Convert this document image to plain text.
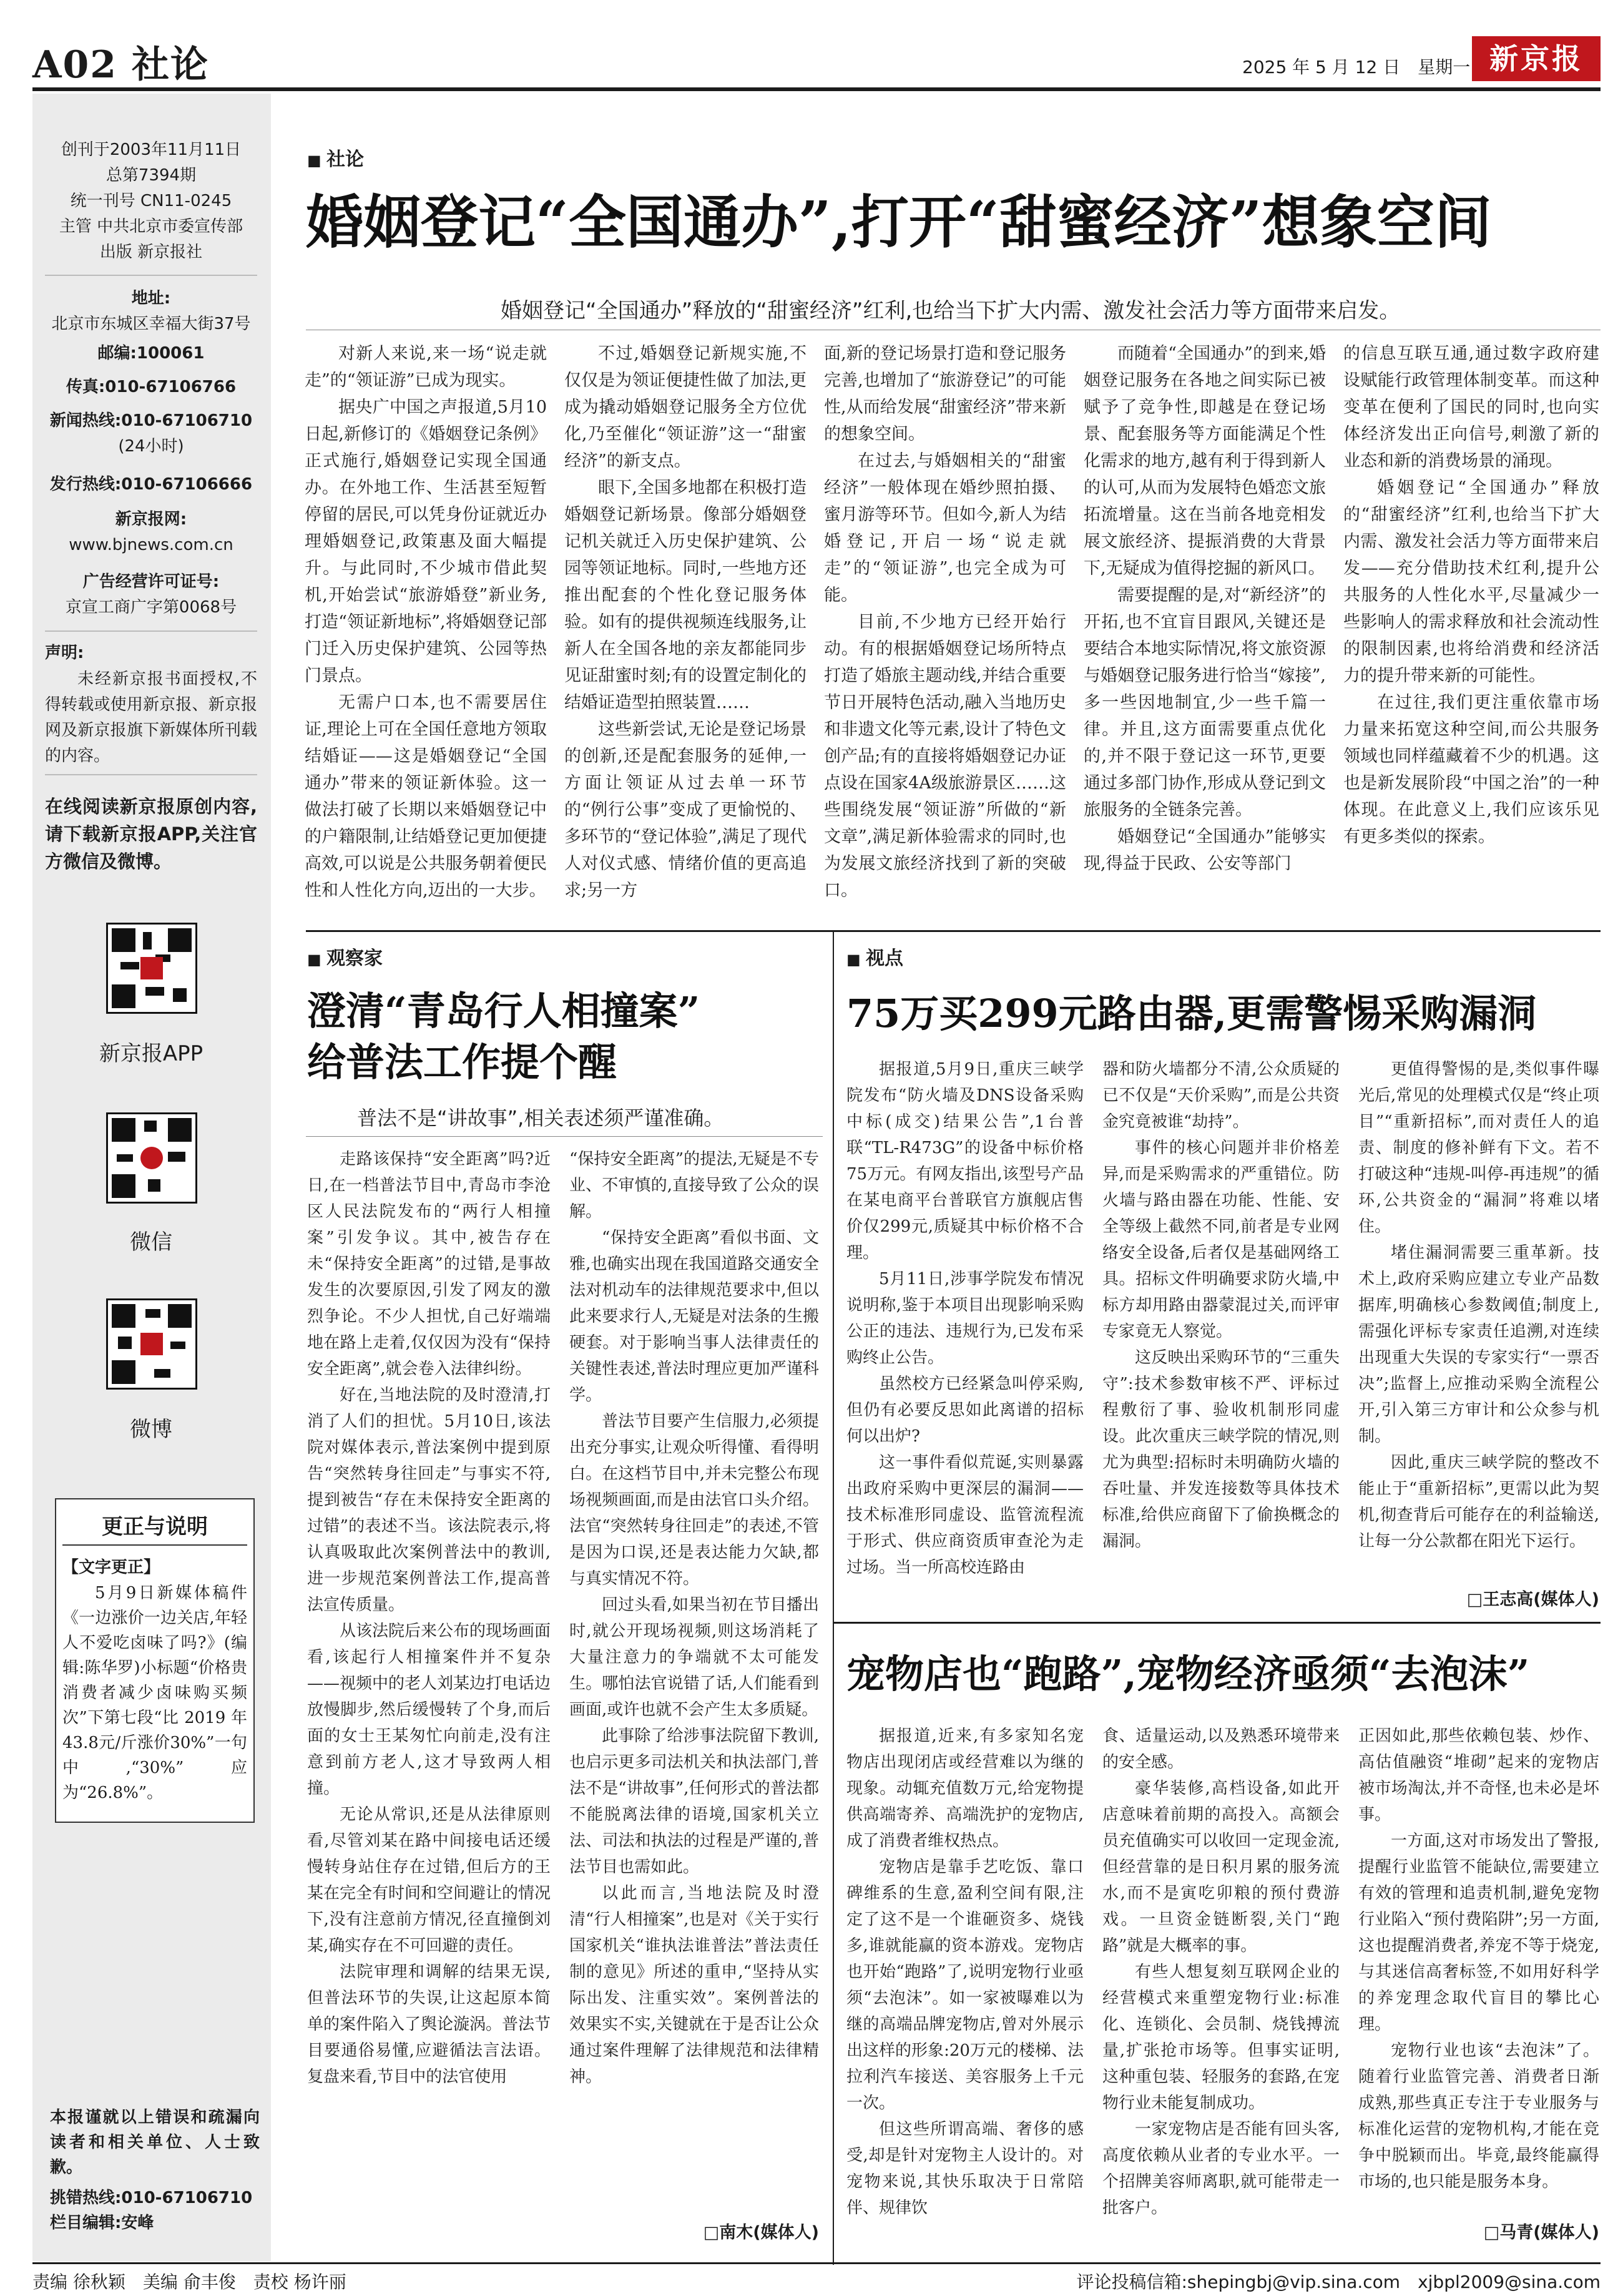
A02 社论	2025 年 5 月 12 日　星期一 新京报
创刊于2003年11月11日
总第7394期
统一刊号 CN11-0245
主管 中共北京市委宣传部
出版 新京报社
地址:
北京市东城区幸福大街37号
邮编:100061
传真:010-67106766
新闻热线:010-67106710
(24小时)
发行热线:010-67106666
新京报网:
www.bjnews.com.cn
广告经营许可证号:
京宣工商广字第0068号
声明:
未经新京报书面授权,不得转载或使用新京报、新京报网及新京报旗下新媒体所刊载的内容。
在线阅读新京报原创内容,请下载新京报APP,关注官方微信及微博。
新京报APP
微信
微博
更正与说明
【文字更正】
5月9日新媒体稿件《一边涨价一边关店,年轻人不爱吃卤味了吗?》(编辑:陈华罗)小标题“价格贵 消费者减少卤味购买频次”下第七段“比 2019 年43.8元/斤涨价30%”一句中,“30%”应为“26.8%”。
本报谨就以上错误和疏漏向读者和相关单位、人士致歉。
挑错热线:010-67106710
栏目编辑:安峰
■ 社论
婚姻登记“全国通办”,打开“甜蜜经济”想象空间
婚姻登记“全国通办”释放的“甜蜜经济”红利,也给当下扩大内需、激发社会活力等方面带来启发。

对新人来说,来一场“说走就走”的“领证游”已成为现实。

据央广中国之声报道,5月10日起,新修订的《婚姻登记条例》正式施行,婚姻登记实现全国通办。在外地工作、生活甚至短暂停留的居民,可以凭身份证就近办理婚姻登记,政策惠及面大幅提升。与此同时,不少城市借此契机,开始尝试“旅游婚登”新业务,打造“领证新地标”,将婚姻登记部门迁入历史保护建筑、公园等热门景点。

无需户口本,也不需要居住证,理论上可在全国任意地方领取结婚证——这是婚姻登记“全国通办”带来的领证新体验。这一做法打破了长期以来婚姻登记中的户籍限制,让结婚登记更加便捷高效,可以说是公共服务朝着便民性和人性化方向,迈出的一大步。

不过,婚姻登记新规实施,不仅仅是为领证便捷性做了加法,更成为撬动婚姻登记服务全方位优化,乃至催化“领证游”这一“甜蜜经济”的新支点。

眼下,全国多地都在积极打造婚姻登记新场景。像部分婚姻登记机关就迁入历史保护建筑、公园等领证地标。同时,一些地方还推出配套的个性化登记服务体验。如有的提供视频连线服务,让新人在全国各地的亲友都能同步见证甜蜜时刻;有的设置定制化的结婚证造型拍照装置……

这些新尝试,无论是登记场景的创新,还是配套服务的延伸,一方面让领证从过去单一环节的“例行公事”变成了更愉悦的、多环节的“登记体验”,满足了现代人对仪式感、情绪价值的更高追求;另一方

面,新的登记场景打造和登记服务完善,也增加了“旅游登记”的可能性,从而给发展“甜蜜经济”带来新的想象空间。

在过去,与婚姻相关的“甜蜜经济”一般体现在婚纱照拍摄、蜜月游等环节。但如今,新人为结婚登记,开启一场“说走就走”的“领证游”,也完全成为可能。

目前,不少地方已经开始行动。有的根据婚姻登记场所特点打造了婚旅主题动线,并结合重要节日开展特色活动,融入当地历史和非遗文化等元素,设计了特色文创产品;有的直接将婚姻登记办证点设在国家4A级旅游景区……这些围绕发展“领证游”所做的“新文章”,满足新体验需求的同时,也为发展文旅经济找到了新的突破口。

而随着“全国通办”的到来,婚姻登记服务在各地之间实际已被赋予了竞争性,即越是在登记场景、配套服务等方面能满足个性化需求的地方,越有利于得到新人的认可,从而为发展特色婚恋文旅拓流增量。这在当前各地竞相发展文旅经济、提振消费的大背景下,无疑成为值得挖掘的新风口。

需要提醒的是,对“新经济”的开拓,也不宜盲目跟风,关键还是要结合本地实际情况,将文旅资源与婚姻登记服务进行恰当“嫁接”,多一些因地制宜,少一些千篇一律。并且,这方面需要重点优化的,并不限于登记这一环节,更要通过多部门协作,形成从登记到文旅服务的全链条完善。

婚姻登记“全国通办”能够实现,得益于民政、公安等部门

的信息互联互通,通过数字政府建设赋能行政管理体制变革。而这种变革在便利了国民的同时,也向实体经济发出正向信号,刺激了新的业态和新的消费场景的涌现。

婚姻登记“全国通办”释放的“甜蜜经济”红利,也给当下扩大内需、激发社会活力等方面带来启发——充分借助技术红利,提升公共服务的人性化水平,尽量减少一些影响人的需求释放和社会流动性的限制因素,也将给消费和经济活力的提升带来新的可能性。

在过往,我们更注重依靠市场力量来拓宽这种空间,而公共服务领域也同样蕴藏着不少的机遇。这也是新发展阶段“中国之治”的一种体现。在此意义上,我们应该乐见有更多类似的探索。

■ 观察家
澄清“青岛行人相撞案”
给普法工作提个醒
普法不是“讲故事”,相关表述须严谨准确。

走路该保持“安全距离”吗?近日,在一档普法节目中,青岛市李沧区人民法院发布的“两行人相撞案”引发争议。其中,被告存在未“保持安全距离”的过错,是事故发生的次要原因,引发了网友的激烈争论。不少人担忧,自己好端端地在路上走着,仅仅因为没有“保持安全距离”,就会卷入法律纠纷。

好在,当地法院的及时澄清,打消了人们的担忧。5月10日,该法院对媒体表示,普法案例中提到原告“突然转身往回走”与事实不符,提到被告“存在未保持安全距离的过错”的表述不当。该法院表示,将认真吸取此次案例普法中的教训,进一步规范案例普法工作,提高普法宣传质量。

从该法院后来公布的现场画面看,该起行人相撞案件并不复杂——视频中的老人刘某边打电话边放慢脚步,然后缓慢转了个身,而后面的女士王某匆忙向前走,没有注意到前方老人,这才导致两人相撞。

无论从常识,还是从法律原则看,尽管刘某在路中间接电话还缓慢转身站住存在过错,但后方的王某在完全有时间和空间避让的情况下,没有注意前方情况,径直撞倒刘某,确实存在不可回避的责任。

法院审理和调解的结果无误,但普法环节的失误,让这起原本简单的案件陷入了舆论漩涡。普法节目要通俗易懂,应避循法言法语。复盘来看,节目中的法官使用

“保持安全距离”的提法,无疑是不专业、不审慎的,直接导致了公众的误解。

“保持安全距离”看似书面、文雅,也确实出现在我国道路交通安全法对机动车的法律规范要求中,但以此来要求行人,无疑是对法条的生搬硬套。对于影响当事人法律责任的关键性表述,普法时理应更加严谨科学。

普法节目要产生信服力,必须提出充分事实,让观众听得懂、看得明白。在这档节目中,并未完整公布现场视频画面,而是由法官口头介绍。法官“突然转身往回走”的表述,不管是因为口误,还是表达能力欠缺,都与真实情况不符。

回过头看,如果当初在节目播出时,就公开现场视频,则这场消耗了大量注意力的争端就不太可能发生。哪怕法官说错了话,人们能看到画面,或许也就不会产生太多质疑。

此事除了给涉事法院留下教训,也启示更多司法机关和执法部门,普法不是“讲故事”,任何形式的普法都不能脱离法律的语境,国家机关立法、司法和执法的过程是严谨的,普法节目也需如此。

以此而言,当地法院及时澄清“行人相撞案”,也是对《关于实行国家机关“谁执法谁普法”普法责任制的意见》所述的重申,“坚持从实际出发、注重实效”。案例普法的效果实不实,关键就在于是否让公众通过案件理解了法律规范和法律精神。

□南木(媒体人)
■ 视点
75万买299元路由器,更需警惕采购漏洞

据报道,5月9日,重庆三峡学院发布“防火墙及DNS设备采购中标(成交)结果公告”,1台普联“TL-R473G”的设备中标价格75万元。有网友指出,该型号产品在某电商平台普联官方旗舰店售价仅299元,质疑其中标价格不合理。

5月11日,涉事学院发布情况说明称,鉴于本项目出现影响采购公正的违法、违规行为,已发布采购终止公告。

虽然校方已经紧急叫停采购,但仍有必要反思如此离谱的招标何以出炉?

这一事件看似荒诞,实则暴露出政府采购中更深层的漏洞——技术标准形同虚设、监管流程流于形式、供应商资质审查沦为走过场。当一所高校连路由

器和防火墙都分不清,公众质疑的已不仅是“天价采购”,而是公共资金究竟被谁“劫持”。

事件的核心问题并非价格差异,而是采购需求的严重错位。防火墙与路由器在功能、性能、安全等级上截然不同,前者是专业网络安全设备,后者仅是基础网络工具。招标文件明确要求防火墙,中标方却用路由器蒙混过关,而评审专家竟无人察觉。

这反映出采购环节的“三重失守”:技术参数审核不严、评标过程敷衍了事、验收机制形同虚设。此次重庆三峡学院的情况,则尤为典型:招标时未明确防火墙的吞吐量、并发连接数等具体技术标准,给供应商留下了偷换概念的漏洞。

更值得警惕的是,类似事件曝光后,常见的处理模式仅是“终止项目”“重新招标”,而对责任人的追责、制度的修补鲜有下文。若不打破这种“违规-叫停-再违规”的循环,公共资金的“漏洞”将难以堵住。

堵住漏洞需要三重革新。技术上,政府采购应建立专业产品数据库,明确核心参数阈值;制度上,需强化评标专家责任追溯,对连续出现重大失误的专家实行“一票否决”;监督上,应推动采购全流程公开,引入第三方审计和公众参与机制。

因此,重庆三峡学院的整改不能止于“重新招标”,更需以此为契机,彻查背后可能存在的利益输送,让每一分公款都在阳光下运行。

□王志高(媒体人)
宠物店也“跑路”,宠物经济亟须“去泡沫”

据报道,近来,有多家知名宠物店出现闭店或经营难以为继的现象。动辄充值数万元,给宠物提供高端寄养、高端洗护的宠物店,成了消费者维权热点。

宠物店是靠手艺吃饭、靠口碑维系的生意,盈利空间有限,注定了这不是一个谁砸资多、烧钱多,谁就能赢的资本游戏。宠物店也开始“跑路”了,说明宠物行业亟须“去泡沫”。如一家被曝难以为继的高端品牌宠物店,曾对外展示出这样的形象:20万元的楼梯、法拉利汽车接送、美容服务上千元一次。

但这些所谓高端、奢侈的感受,却是针对宠物主人设计的。对宠物来说,其快乐取决于日常陪伴、规律饮

食、适量运动,以及熟悉环境带来的安全感。

豪华装修,高档设备,如此开店意味着前期的高投入。高额会员充值确实可以收回一定现金流,但经营靠的是日积月累的服务流水,而不是寅吃卯粮的预付费游戏。一旦资金链断裂,关门“跑路”就是大概率的事。

有些人想复刻互联网企业的经营模式来重塑宠物行业:标准化、连锁化、会员制、烧钱搏流量,扩张抢市场等。但事实证明,这种重包装、轻服务的套路,在宠物行业未能复制成功。

一家宠物店是否能有回头客,高度依赖从业者的专业水平。一个招牌美容师离职,就可能带走一批客户。

正因如此,那些依赖包装、炒作、高估值融资“堆砌”起来的宠物店被市场淘汰,并不奇怪,也未必是坏事。

一方面,这对市场发出了警报,提醒行业监管不能缺位,需要建立有效的管理和追责机制,避免宠物行业陷入“预付费陷阱”;另一方面,这也提醒消费者,养宠不等于烧宠,与其迷信高奢标签,不如用好科学的养宠理念取代盲目的攀比心理。

宠物行业也该“去泡沫”了。随着行业监管完善、消费者日渐成熟,那些真正专注于专业服务与标准化运营的宠物机构,才能在竞争中脱颖而出。毕竟,最终能赢得市场的,也只能是服务本身。

□马青(媒体人)
责编 徐秋颖　美编 俞丰俊　责校 杨许丽	评论投稿信箱:shepingbj@vip.sina.com　xjbpl2009@sina.com
